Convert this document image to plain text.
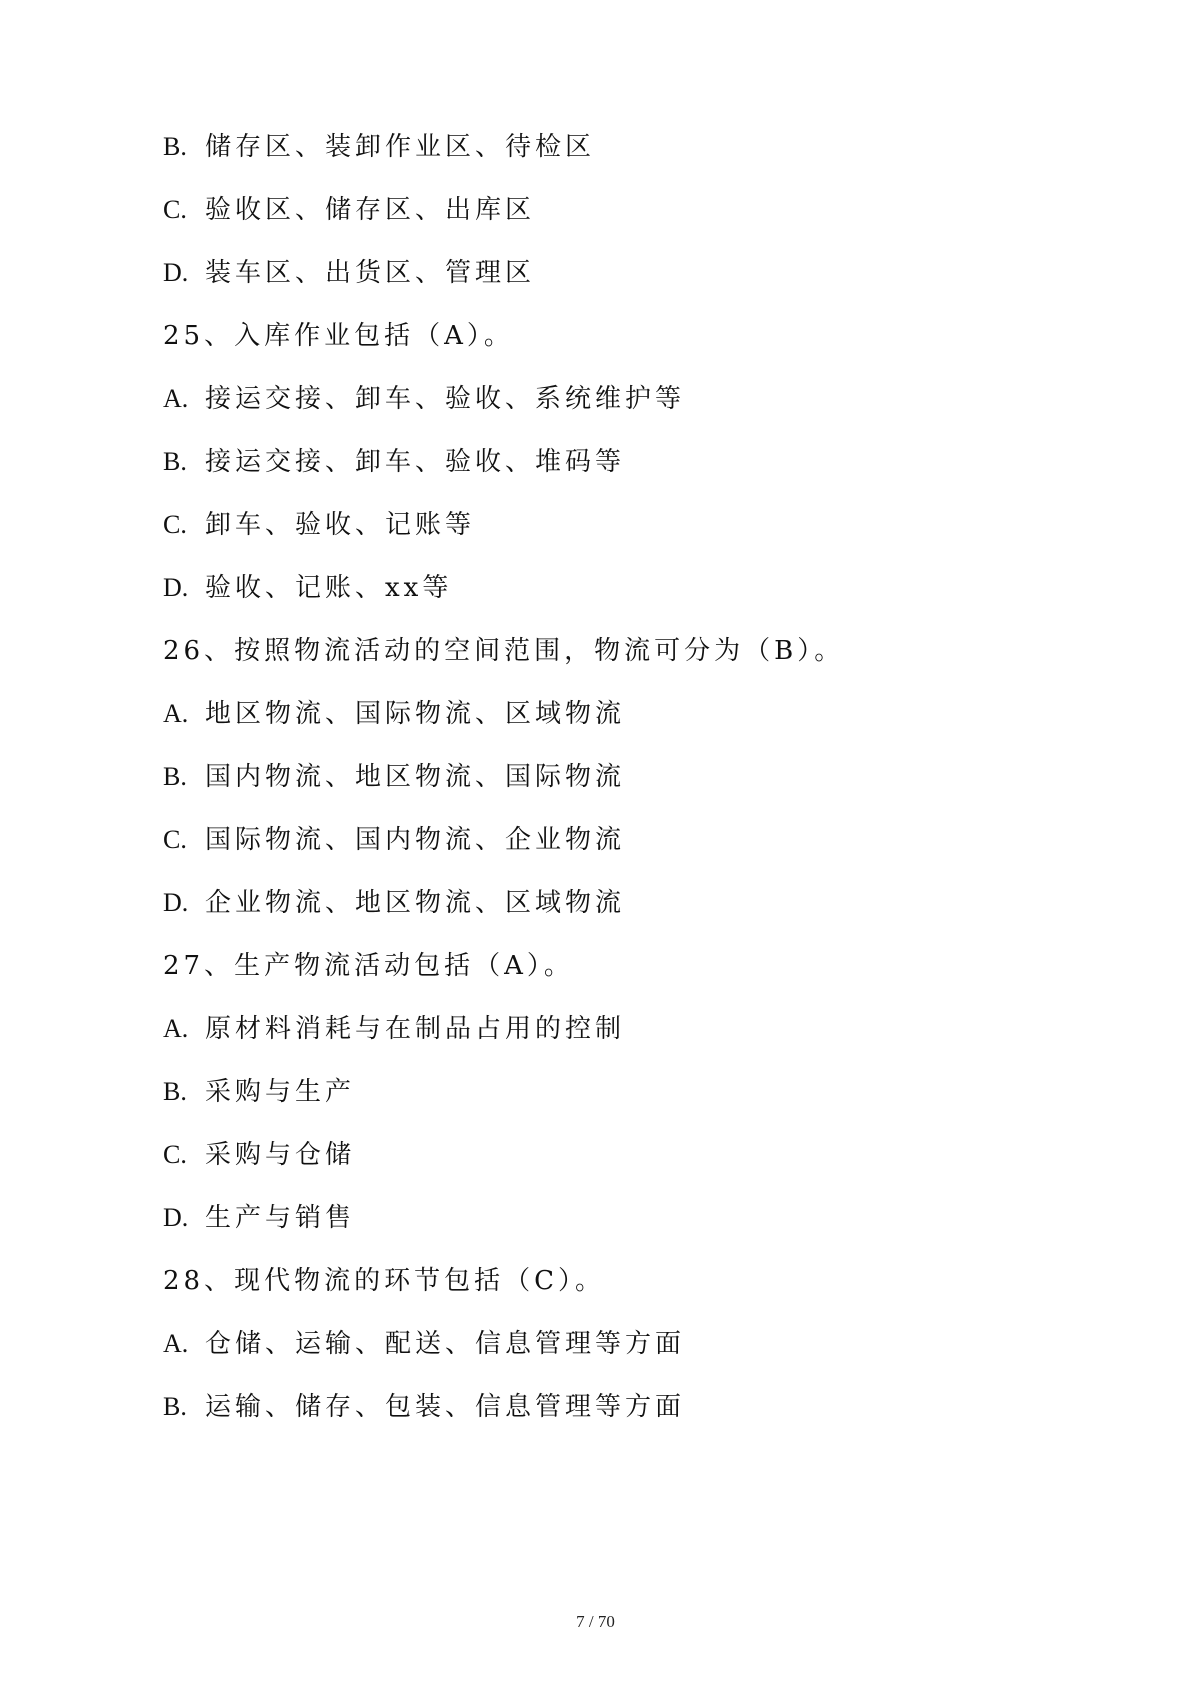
B. 储存区、装卸作业区、待检区
C. 验收区、储存区、出库区
D. 装车区、出货区、管理区
25、入库作业包括（A）。
A. 接运交接、卸车、验收、系统维护等
B. 接运交接、卸车、验收、堆码等
C. 卸车、验收、记账等
D. 验收、记账、xx等
26、按照物流活动的空间范围，物流可分为（B）。
A. 地区物流、国际物流、区域物流
B. 国内物流、地区物流、国际物流
C. 国际物流、国内物流、企业物流
D. 企业物流、地区物流、区域物流
27、生产物流活动包括（A）。
A. 原材料消耗与在制品占用的控制
B. 采购与生产
C. 采购与仓储
D. 生产与销售
28、现代物流的环节包括（C）。
A. 仓储、运输、配送、信息管理等方面
B. 运输、储存、包装、信息管理等方面
7 / 70
